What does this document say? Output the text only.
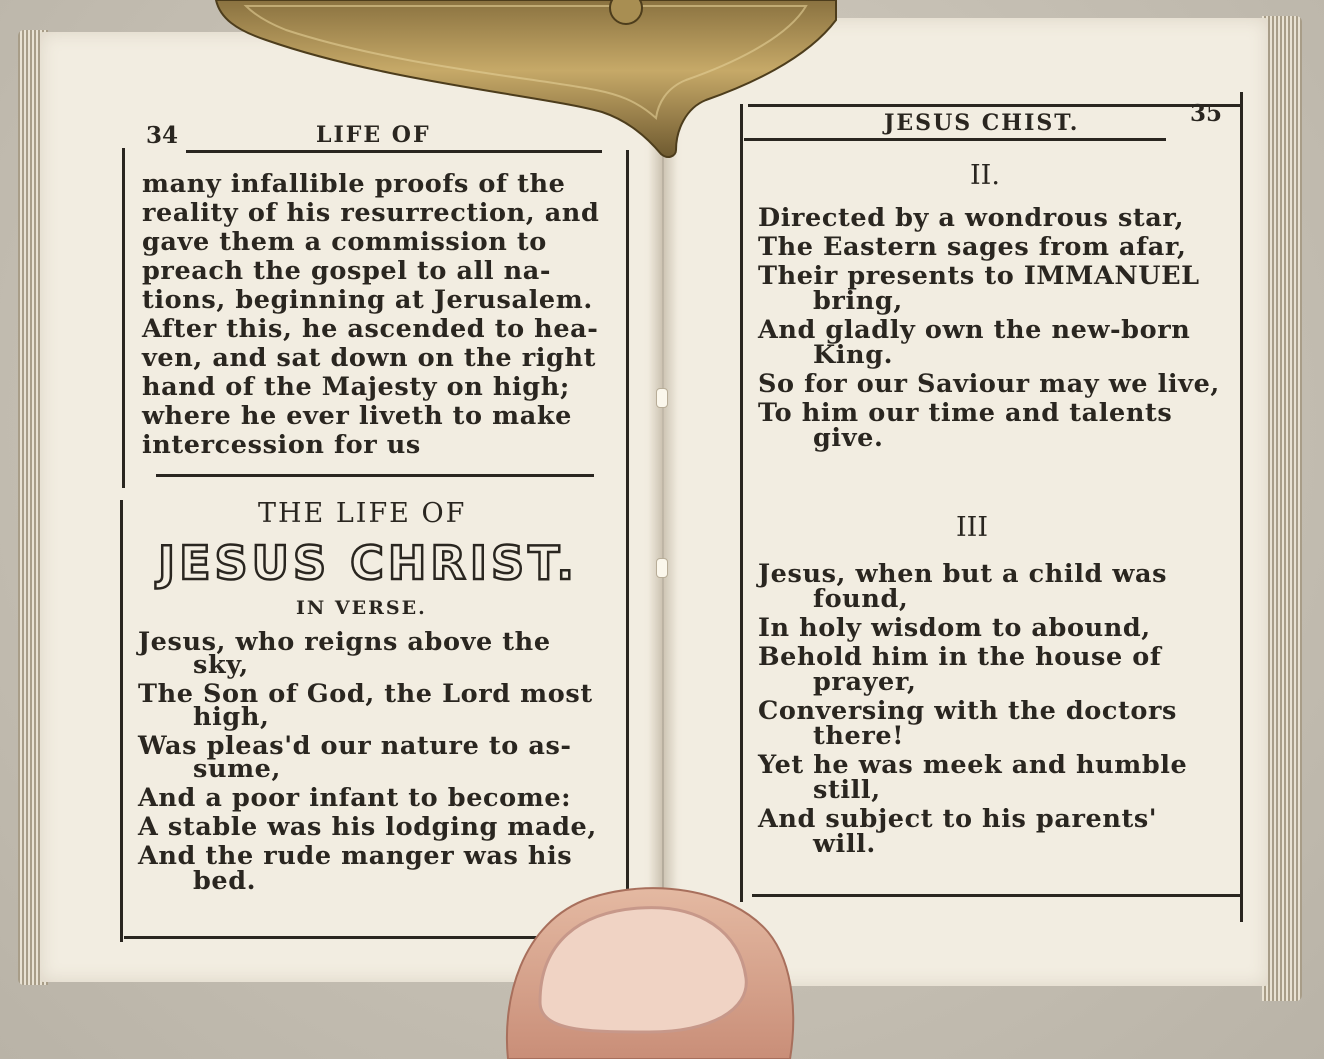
34	LIFE OF
many infallible proofs of the
reality of his resurrection, and
gave them a commission to
preach the gospel to all na-
tions, beginning at Jerusalem.
After this, he ascended to hea-
ven, and sat down on the right
hand of the Majesty on high;
where he ever liveth to make
intercession for us
THE LIFE OF
JESUS CHRIST.
IN VERSE.
Jesus, who reigns above the
sky,
The Son of God, the Lord most
high,
Was pleas'd our nature to as-
sume,
And a poor infant to become:
A stable was his lodging made,
And the rude manger was his
bed.
JESUS CHIST.	35
II.
Directed by a wondrous star,
The Eastern sages from afar,
Their presents to IMMANUEL
bring,
And gladly own the new-born
King.
So for our Saviour may we live,
To him our time and talents
give.
III
Jesus, when but a child was
found,
In holy wisdom to abound,
Behold him in the house of
prayer,
Conversing with the doctors
there!
Yet he was meek and humble
still,
And subject to his parents'
will.
